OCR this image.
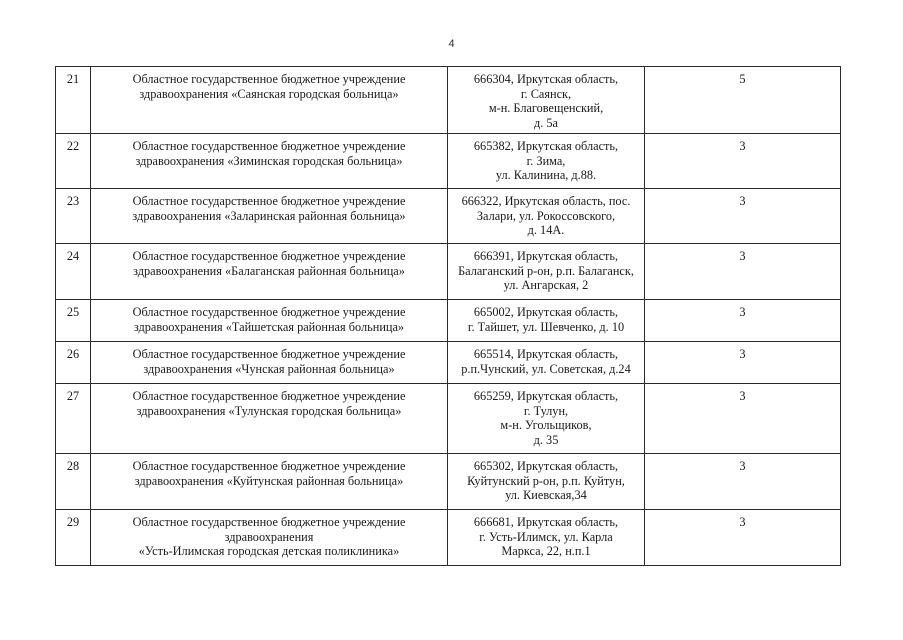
4
21	Областное государственное бюджетное учреждение
здравоохранения «Саянская городская больница»	666304, Иркутская область,
г. Саянск,
м-н. Благовещенский,
д. 5а	5
22	Областное государственное бюджетное учреждение
здравоохранения «Зиминская городская больница»	665382, Иркутская область,
г. Зима,
ул. Калинина, д.88.	3
23	Областное государственное бюджетное учреждение
здравоохранения «Заларинская районная больница»	666322, Иркутская область, пос.
Залари, ул. Рокоссовского,
д. 14А.	3
24	Областное государственное бюджетное учреждение
здравоохранения «Балаганская районная больница»	666391, Иркутская область,
Балаганский р-он, р.п. Балаганск,
ул. Ангарская, 2	3
25	Областное государственное бюджетное учреждение
здравоохранения «Тайшетская районная больница»	665002, Иркутская область,
г. Тайшет, ул. Шевченко, д. 10	3
26	Областное государственное бюджетное учреждение
здравоохранения «Чунская районная больница»	665514, Иркутская область,
р.п.Чунский, ул. Советская, д.24	3
27	Областное государственное бюджетное учреждение
здравоохранения «Тулунская городская больница»	665259, Иркутская область,
г. Тулун,
м-н. Угольщиков,
д. 35	3
28	Областное государственное бюджетное учреждение
здравоохранения «Куйтунская районная больница»	665302, Иркутская область,
Куйтунский р-он, р.п. Куйтун,
ул. Киевская,34	3
29	Областное государственное бюджетное учреждение
здравоохранения
«Усть-Илимская городская детская поликлиника»	666681, Иркутская область,
г. Усть-Илимск, ул. Карла
Маркса, 22, н.п.1	3
